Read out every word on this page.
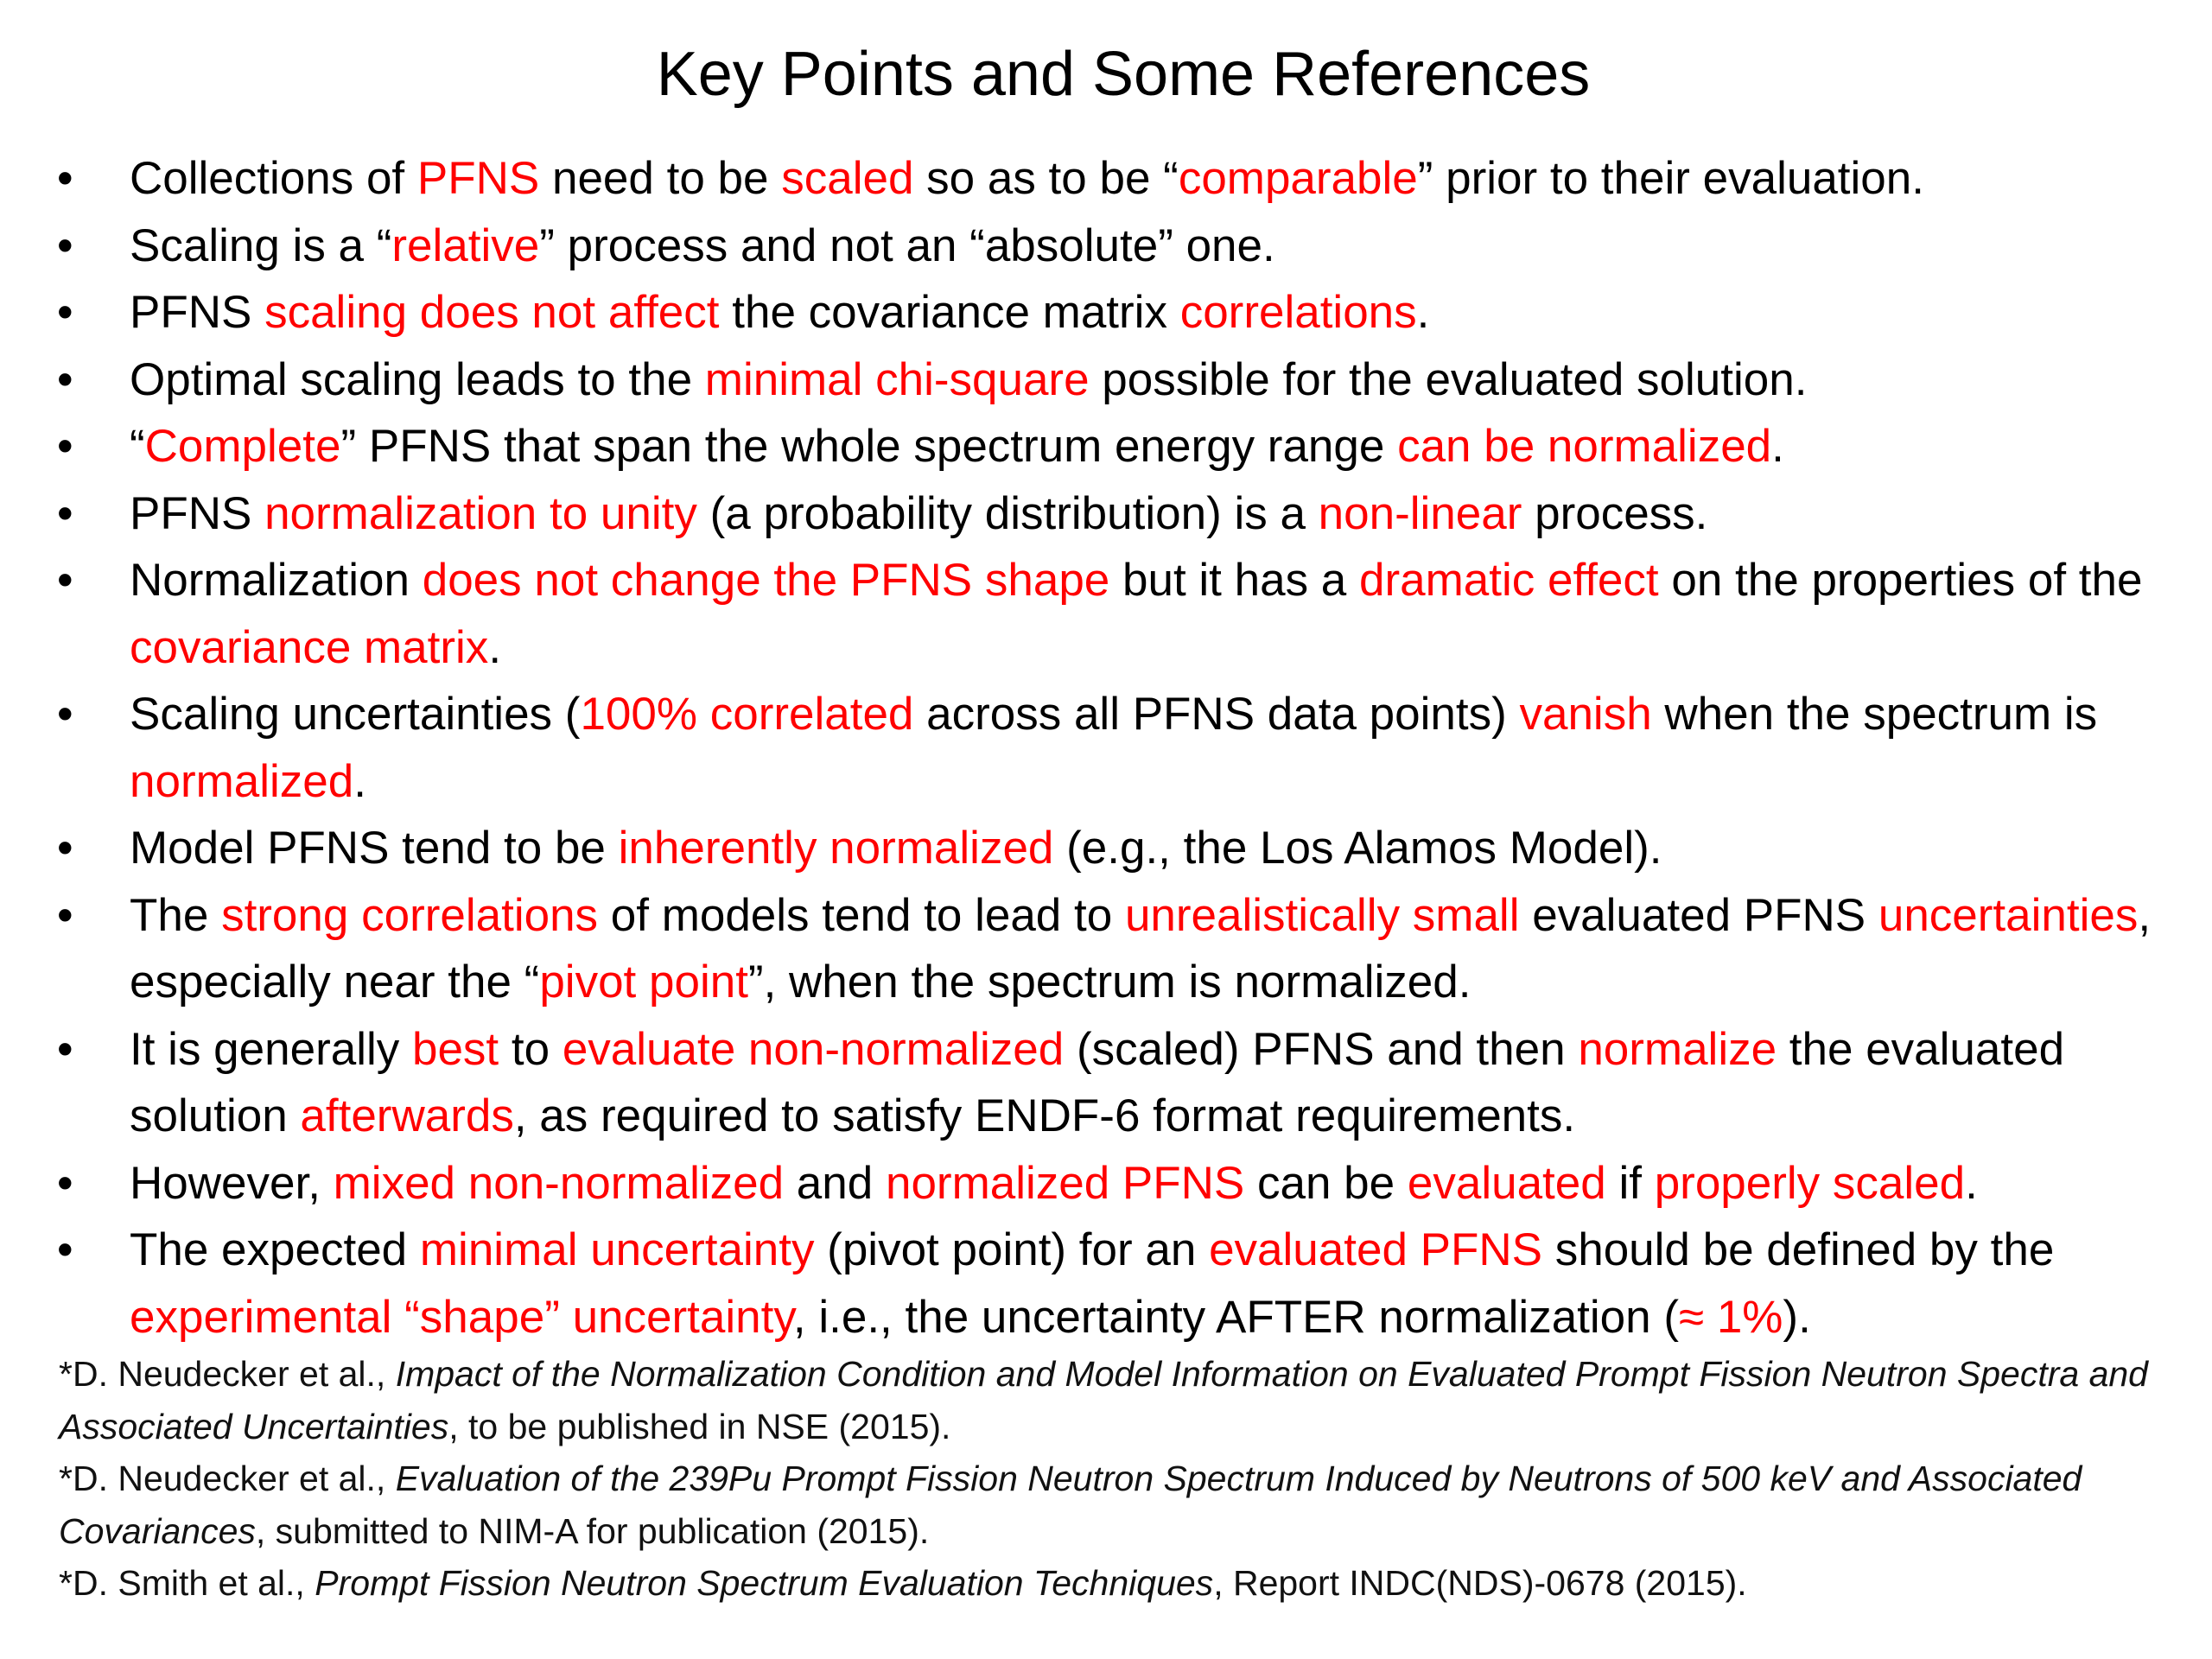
Key Points and Some References
•	Collections of PFNS need to be scaled so as to be “comparable” prior to their evaluation.
•	Scaling is a “relative” process and not an “absolute” one.
•	PFNS scaling does not affect the covariance matrix correlations.
•	Optimal scaling leads to the minimal chi-square possible for the evaluated solution.
•	“Complete” PFNS that span the whole spectrum energy range can be normalized.
•	PFNS normalization to unity (a probability distribution) is a non-linear process.
•	Normalization does not change the PFNS shape but it has a dramatic effect on the properties of the covariance matrix.
•	Scaling uncertainties (100% correlated across all PFNS data points) vanish when the spectrum is normalized.
•	Model PFNS tend to be inherently normalized (e.g., the Los Alamos Model).
•	The strong correlations of models tend to lead to unrealistically small evaluated PFNS uncertainties, especially near the “pivot point”, when the spectrum is normalized.
•	It is generally best to evaluate non-normalized (scaled) PFNS and then normalize the evaluated solution afterwards, as required to satisfy ENDF-6 format requirements.
•	However, mixed non-normalized and normalized PFNS can be evaluated if properly scaled.
•	The expected minimal uncertainty (pivot point) for an evaluated PFNS should be defined by the experimental “shape” uncertainty, i.e., the uncertainty AFTER normalization (≈ 1%).

*D. Neudecker et al., Impact of the Normalization Condition and Model Information on Evaluated Prompt Fission Neutron Spectra and Associated Uncertainties, to be published in NSE (2015).

*D. Neudecker et al., Evaluation of the 239Pu Prompt Fission Neutron Spectrum Induced by Neutrons of 500 keV and Associated Covariances, submitted to NIM-A for publication (2015).

*D. Smith et al., Prompt Fission Neutron Spectrum Evaluation Techniques, Report INDC(NDS)-0678 (2015).
